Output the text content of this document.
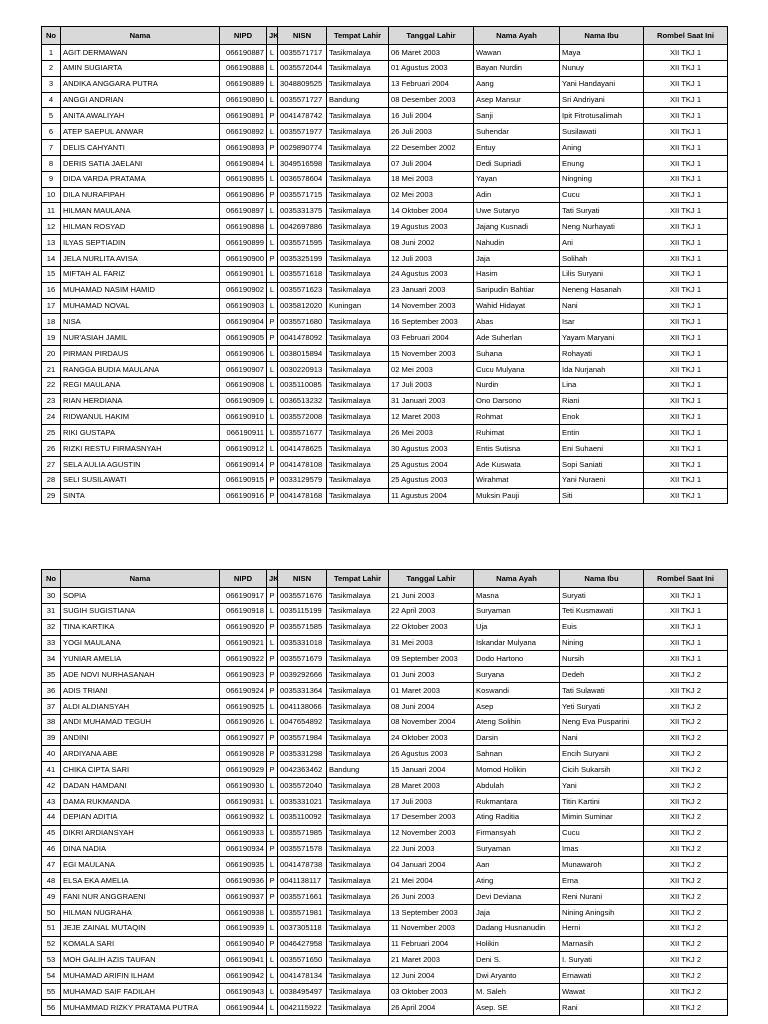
No	Nama	NIPD	JK	NISN	Tempat Lahir	Tanggal Lahir	Nama Ayah	Nama Ibu	Rombel Saat Ini
1	AGIT DERMAWAN	066190887	L	0035571717	Tasikmalaya	06 Maret 2003	Wawan	Maya	XII TKJ 1
2	AMIN SUGIARTA	066190888	L	0035572044	Tasikmalaya	01 Agustus 2003	Bayan Nurdin	Nunuy	XII TKJ 1
3	ANDIKA ANGGARA PUTRA	066190889	L	3048809525	Tasikmalaya	13 Februari 2004	Aang	Yani Handayani	XII TKJ 1
4	ANGGI ANDRIAN	066190890	L	0035571727	Bandung	08 Desember 2003	Asep Mansur	Sri Andriyani	XII TKJ 1
5	ANITA AWALIYAH	066190891	P	0041478742	Tasikmalaya	16 Juli 2004	Sanji	Ipit Fitrotusalimah	XII TKJ 1
6	ATEP SAEPUL ANWAR	066190892	L	0035571977	Tasikmalaya	26 Juli 2003	Suhendar	Susilawati	XII TKJ 1
7	DELIS CAHYANTI	066190893	P	0029890774	Tasikmalaya	22 Desember 2002	Entuy	Aning	XII TKJ 1
8	DERIS SATIA JAELANI	066190894	L	3049516598	Tasikmalaya	07 Juli 2004	Dedi Supriadi	Enung	XII TKJ 1
9	DIDA VARDA PRATAMA	066190895	L	0036578604	Tasikmalaya	18 Mei 2003	Yayan	Ningning	XII TKJ 1
10	DILA NURAFIPAH	066190896	P	0035571715	Tasikmalaya	02 Mei 2003	Adin	Cucu	XII TKJ 1
11	HILMAN MAULANA	066190897	L	0035331375	Tasikmalaya	14 Oktober 2004	Uwe Sutaryo	Tati Suryati	XII TKJ 1
12	HILMAN ROSYAD	066190898	L	0042697886	Tasikmalaya	19 Agustus 2003	Jajang Kusnadi	Neng Nurhayati	XII TKJ 1
13	ILYAS SEPTIADIN	066190899	L	0035571595	Tasikmalaya	08 Juni 2002	Nahudin	Ani	XII TKJ 1
14	JELA NURLITA AVISA	066190900	P	0035325199	Tasikmalaya	12 Juli 2003	Jaja	Solihah	XII TKJ 1
15	MIFTAH AL FARIZ	066190901	L	0035571618	Tasikmalaya	24 Agustus 2003	Hasim	Lilis Suryani	XII TKJ 1
16	MUHAMAD NASIM HAMID	066190902	L	0035571623	Tasikmalaya	23 Januari 2003	Saripudin Bahtiar	Neneng Hasanah	XII TKJ 1
17	MUHAMAD NOVAL	066190903	L	0035812020	Kuningan	14 November 2003	Wahid Hidayat	Nani	XII TKJ 1
18	NISA	066190904	P	0035571680	Tasikmalaya	16 September 2003	Abas	Isar	XII TKJ 1
19	NUR'ASIAH JAMIL	066190905	P	0041478092	Tasikmalaya	03 Februari 2004	Ade Suherlan	Yayam Maryani	XII TKJ 1
20	PIRMAN PIRDAUS	066190906	L	0038015894	Tasikmalaya	15 November 2003	Suhana	Rohayati	XII TKJ 1
21	RANGGA BUDIA MAULANA	066190907	L	0030220913	Tasikmalaya	02 Mei 2003	Cucu Mulyana	Ida Nurjanah	XII TKJ 1
22	REGI MAULANA	066190908	L	0035110085	Tasikmalaya	17 Juli 2003	Nurdin	Lina	XII TKJ 1
23	RIAN HERDIANA	066190909	L	0036513232	Tasikmalaya	31 Januari 2003	Ono Darsono	Riani	XII TKJ 1
24	RIDWANUL HAKIM	066190910	L	0035572008	Tasikmalaya	12 Maret 2003	Rohmat	Enok	XII TKJ 1
25	RIKI GUSTAPA	066190911	L	0035571677	Tasikmalaya	26 Mei 2003	Ruhimat	Entin	XII TKJ 1
26	RIZKI RESTU FIRMASNYAH	066190912	L	0041478625	Tasikmalaya	30 Agustus 2003	Entis Sutisna	Eni Suhaeni	XII TKJ 1
27	SELA AULIA AGUSTIN	066190914	P	0041478108	Tasikmalaya	25 Agustus 2004	Ade Kuswata	Sopi Saniati	XII TKJ 1
28	SELI SUSILAWATI	066190915	P	0033129579	Tasikmalaya	25 Agustus 2003	Wirahmat	Yani Nuraeni	XII TKJ 1
29	SINTA	066190916	P	0041478168	Tasikmalaya	11 Agustus 2004	Muksin Pauji	Siti	XII TKJ 1
No	Nama	NIPD	JK	NISN	Tempat Lahir	Tanggal Lahir	Nama Ayah	Nama Ibu	Rombel Saat Ini
30	SOPIA	066190917	P	0035571676	Tasikmalaya	21 Juni 2003	Masna	Suryati	XII TKJ 1
31	SUGIH SUGISTIANA	066190918	L	0035115199	Tasikmalaya	22 April 2003	Suryaman	Teti Kusmawati	XII TKJ 1
32	TINA KARTIKA	066190920	P	0035571585	Tasikmalaya	22 Oktober 2003	Uja	Euis	XII TKJ 1
33	YOGI MAULANA	066190921	L	0035331018	Tasikmalaya	31 Mei 2003	Iskandar Mulyana	Nining	XII TKJ 1
34	YUNIAR AMELIA	066190922	P	0035571679	Tasikmalaya	09 September 2003	Dodo Hartono	Nursih	XII TKJ 1
35	ADE NOVI NURHASANAH	066190923	P	0039292666	Tasikmalaya	01 Juni 2003	Suryana	Dedeh	XII TKJ 2
36	ADIS TRIANI	066190924	P	0035331364	Tasikmalaya	01 Maret 2003	Koswandi	Tati Sulawati	XII TKJ 2
37	ALDI ALDIANSYAH	066190925	L	0041138066	Tasikmalaya	08 Juni 2004	Asep	Yeti Suryati	XII TKJ 2
38	ANDI MUHAMAD TEGUH	066190926	L	0047654892	Tasikmalaya	08 November 2004	Ateng Solihin	Neng Eva Pusparini	XII TKJ 2
39	ANDINI	066190927	P	0035571984	Tasikmalaya	24 Oktober 2003	Darsin	Nani	XII TKJ 2
40	ARDIYANA ABE	066190928	P	0035331298	Tasikmalaya	26 Agustus 2003	Sahnan	Encih Suryani	XII TKJ 2
41	CHIKA CIPTA SARI	066190929	P	0042363462	Bandung	15 Januari 2004	Momod Holikin	Cicih Sukarsih	XII TKJ 2
42	DADAN HAMDANI	066190930	L	0035572040	Tasikmalaya	28 Maret 2003	Abdulah	Yani	XII TKJ 2
43	DAMA RUKMANDA	066190931	L	0035331021	Tasikmalaya	17 Juli 2003	Rukmantara	Titin Kartini	XII TKJ 2
44	DEPIAN ADITIA	066190932	L	0035110092	Tasikmalaya	17 Desember 2003	Ating Raditia	Mimin Suminar	XII TKJ 2
45	DIKRI ARDIANSYAH	066190933	L	0035571985	Tasikmalaya	12 November 2003	Firmansyah	Cucu	XII TKJ 2
46	DINA NADIA	066190934	P	0035571578	Tasikmalaya	22 Juni 2003	Suryaman	Imas	XII TKJ 2
47	EGI MAULANA	066190935	L	0041478738	Tasikmalaya	04 Januari 2004	Aan	Munawaroh	XII TKJ 2
48	ELSA EKA AMELIA	066190936	P	0041138117	Tasikmalaya	21 Mei 2004	Ating	Erna	XII TKJ 2
49	FANI NUR ANGGRAENI	066190937	P	0035571661	Tasikmalaya	26 Juni 2003	Devi Deviana	Reni Nurani	XII TKJ 2
50	HILMAN NUGRAHA	066190938	L	0035571981	Tasikmalaya	13 September 2003	Jaja	Nining Aningsih	XII TKJ 2
51	JEJE ZAINAL MUTAQIN	066190939	L	0037305118	Tasikmalaya	11 November 2003	Dadang Husnanudin	Herni	XII TKJ 2
52	KOMALA SARI	066190940	P	0046427958	Tasikmalaya	11 Februari 2004	Holikin	Marnasih	XII TKJ 2
53	MOH GALIH AZIS TAUFAN	066190941	L	0035571650	Tasikmalaya	21 Maret 2003	Deni S.	I. Suryati	XII TKJ 2
54	MUHAMAD ARIFIN ILHAM	066190942	L	0041478134	Tasikmalaya	12 Juni 2004	Dwi Aryanto	Ernawati	XII TKJ 2
55	MUHAMAD SAIF FADILAH	066190943	L	0038495497	Tasikmalaya	03 Oktober 2003	M. Saleh	Wawat	XII TKJ 2
56	MUHAMMAD RIZKY PRATAMA PUTRA	066190944	L	0042115922	Tasikmalaya	26 April 2004	Asep. SE	Rani	XII TKJ 2
